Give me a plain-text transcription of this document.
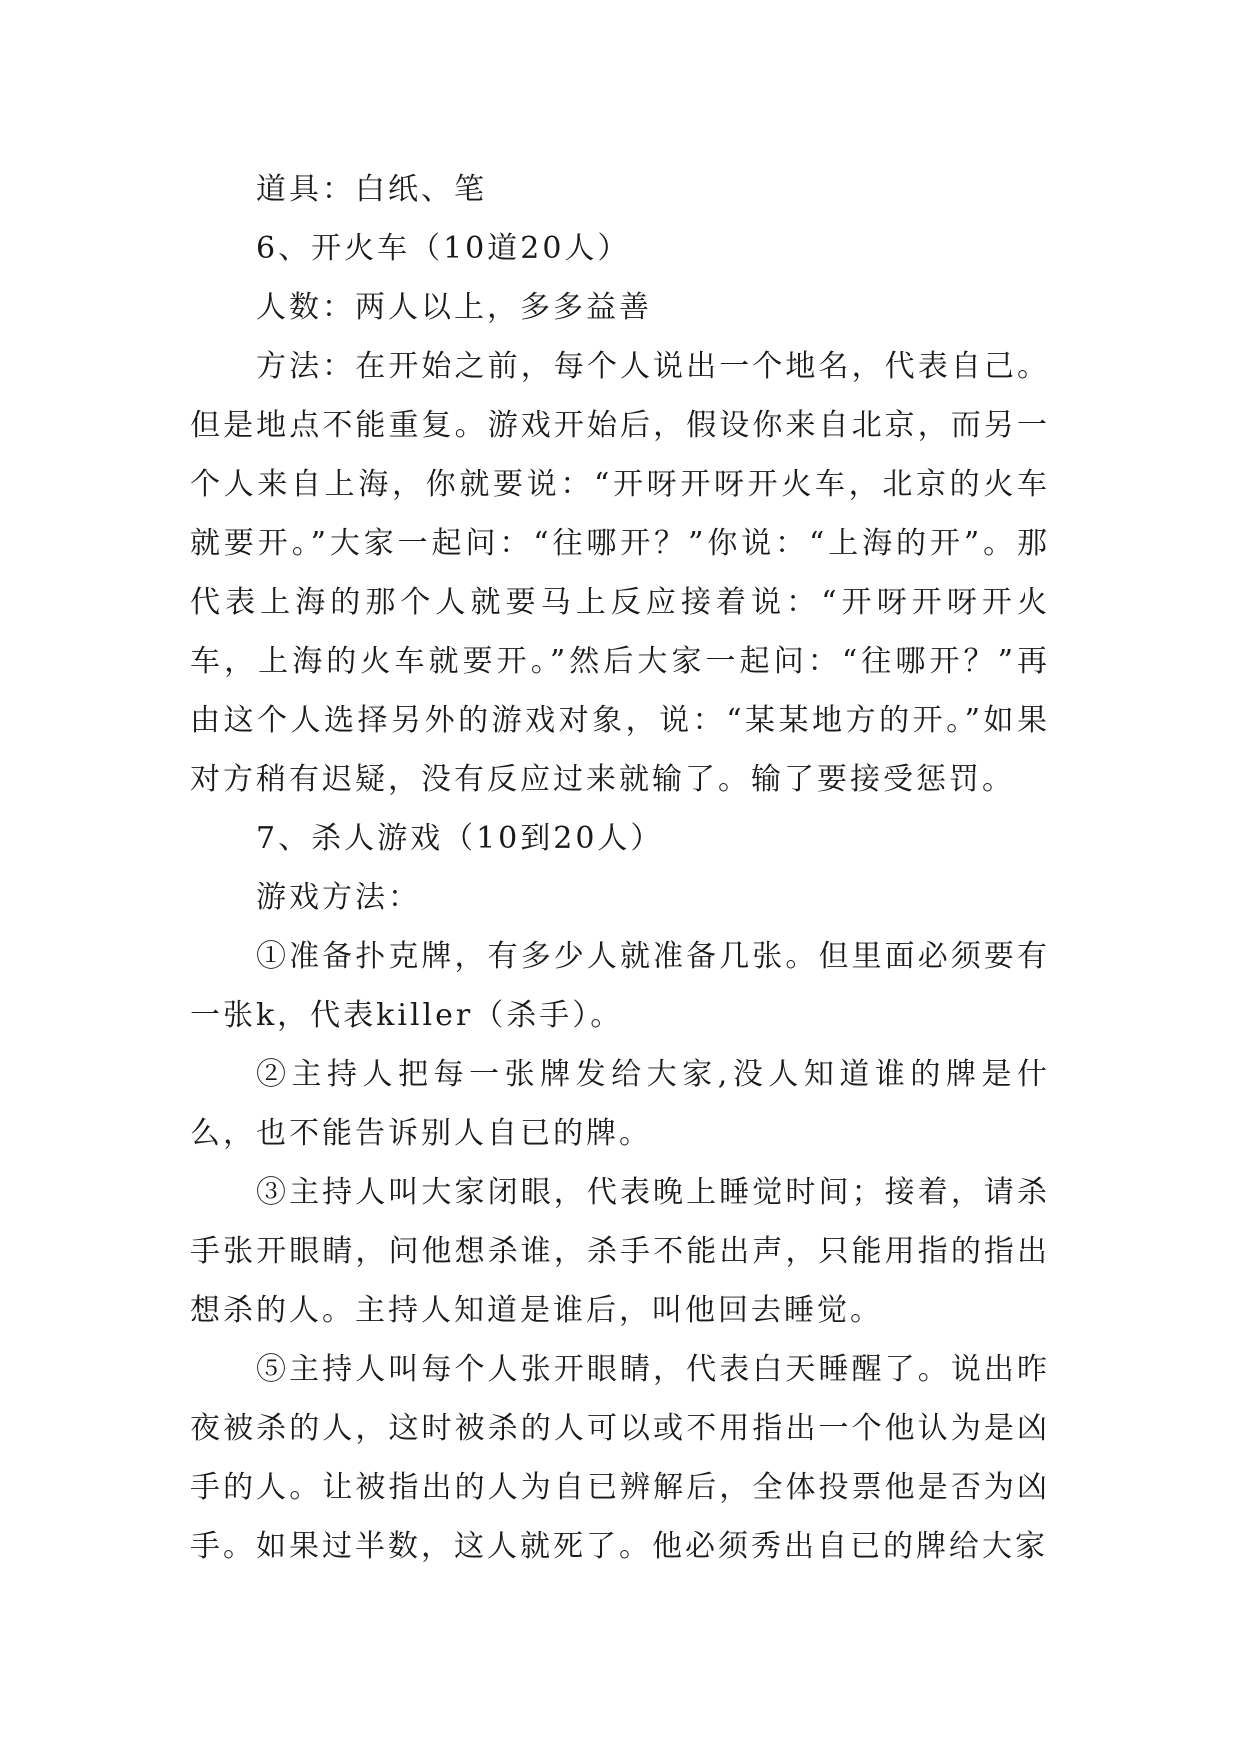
道具：白纸、笔

6、开火车（10道20人）

人数：两人以上，多多益善

方法：在开始之前，每个人说出一个地名，代表自己。但是地点不能重复。游戏开始后，假设你来自北京，而另一个人来自上海，你就要说：“开呀开呀开火车，北京的火车就要开。”大家一起问：“往哪开？”你说：“上海的开”。那代表上海的那个人就要马上反应接着说：“开呀开呀开火车，上海的火车就要开。”然后大家一起问：“往哪开？”再由这个人选择另外的游戏对象，说：“某某地方的开。”如果对方稍有迟疑，没有反应过来就输了。输了要接受惩罚。

7、杀人游戏（10到20人）

游戏方法：

①准备扑克牌，有多少人就准备几张。但里面必须要有一张k，代表killer（杀手）。

②主持人把每一张牌发给大家,没人知道谁的牌是什么，也不能告诉别人自已的牌。

③主持人叫大家闭眼，代表晚上睡觉时间；接着，请杀手张开眼睛，问他想杀谁，杀手不能出声，只能用指的指出想杀的人。主持人知道是谁后，叫他回去睡觉。

⑤主持人叫每个人张开眼睛，代表白天睡醒了。说出昨夜被杀的人，这时被杀的人可以或不用指出一个他认为是凶手的人。让被指出的人为自已辨解后，全体投票他是否为凶手。如果过半数，这人就死了。他必须秀出自已的牌给大家
